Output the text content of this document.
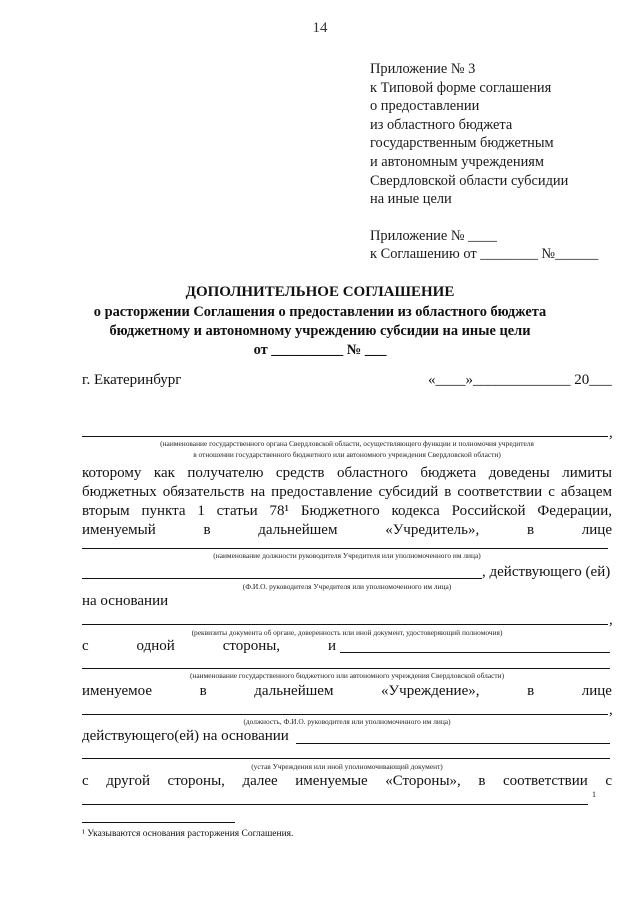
14
Приложение № 3
к Типовой форме соглашения
о предоставлении
из областного бюджета
государственным бюджетным
и автономным учреждениям
Свердловской области субсидии
на иные цели
Приложение № ____
к Соглашению от ________ №______
ДОПОЛНИТЕЛЬНОЕ СОГЛАШЕНИЕ
о расторжении Соглашения о предоставлении из областного бюджета
бюджетному и автономному учреждению субсидии на иные цели
от __________ № ___
г. Екатеринбург	«____»_____________ 20___
,
(наименование государственного органа Свердловской области, осуществляющего функции и полномочия учредителя
в отношении государственного бюджетного или автономного учреждения Свердловской области)
которому как получателю средств областного бюджета доведены лимиты
бюджетных обязательств на предоставление субсидий в соответствии с абзацем
вторым пункта 1 статьи 78¹ Бюджетного кодекса Российской Федерации,
именуемый	в	дальнейшем	«Учредитель»,	в	лице
(наименование должности руководителя Учредителя или уполномоченного им лица)
, действующего (ей)
(Ф.И.О. руководителя Учредителя или уполномоченного им лица)
на основании
,
(реквизиты документа об органе, доверенность или иной документ, удостоверяющий полномочия)
с	одной	стороны,	и
(наименование государственного бюджетного или автономного учреждения Свердловской области)
именуемое	в	дальнейшем	«Учреждение»,	в	лице
,
(должность, Ф.И.О. руководителя или уполномоченного им лица)
действующего(ей) на основании
(устав Учреждения или иной уполномочивающий документ)
с другой стороны, далее именуемые «Стороны», в соответствии с
1
¹ Указываются основания расторжения Соглашения.
